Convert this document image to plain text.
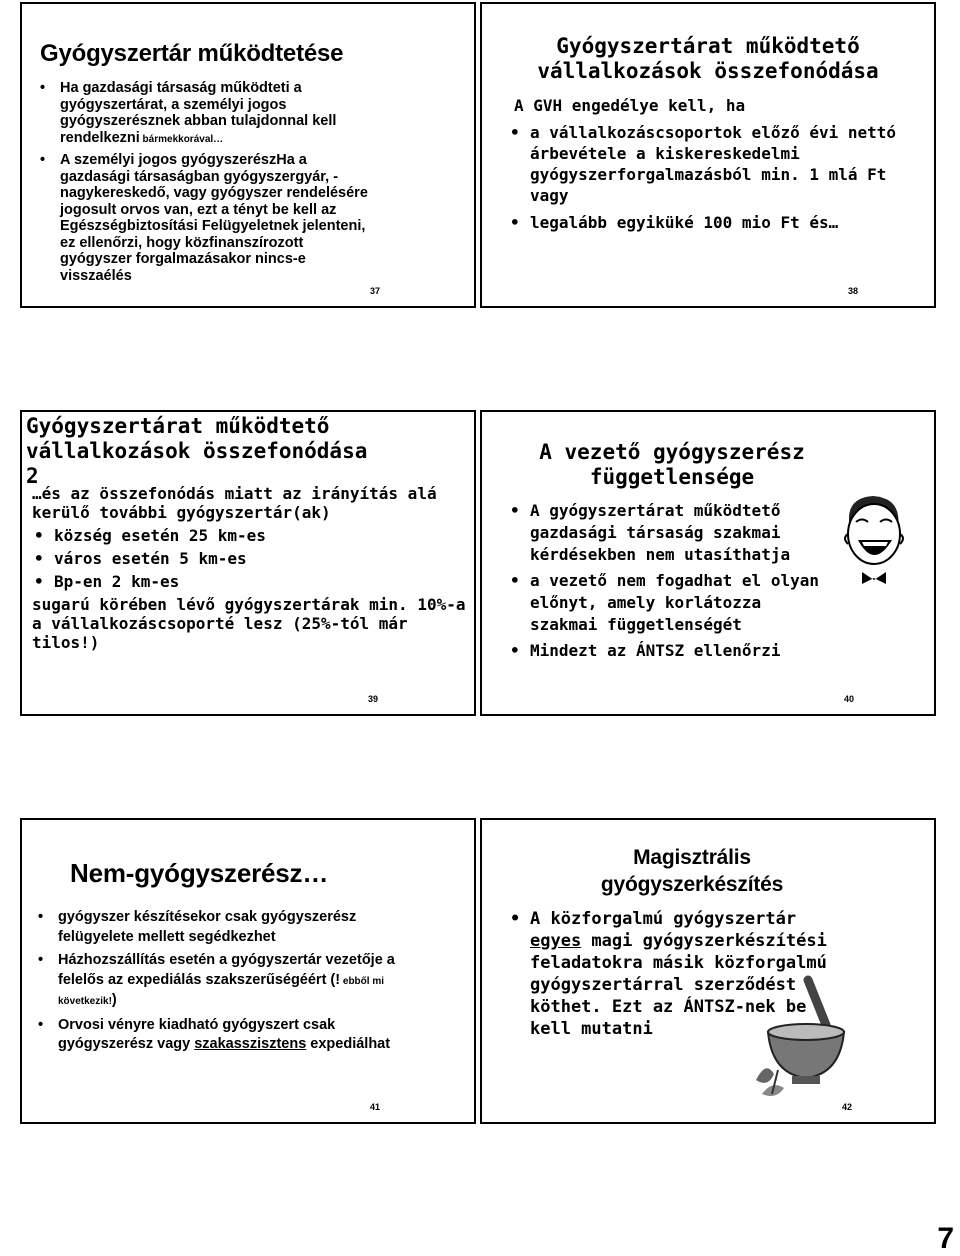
Gyógyszertár működtetése
• Ha gazdasági társaság működteti a gyógyszertárat, a személyi jogos gyógyszerésznek abban tulajdonnal kell rendelkezni bármekkorával…
• A személyi jogos gyógyszerészHa a gazdasági társaságban gyógyszergyár, -nagykereskedő, vagy gyógyszer rendelésére jogosult orvos van, ezt a tényt be kell az Egészségbiztosítási Felügyeletnek jelenteni, ez ellenőrzi, hogy közfinanszírozott gyógyszer forgalmazásakor nincs-e visszaélés
37
Gyógyszertárat működtető
vállalkozások összefonódása
A GVH engedélye kell, ha
• a vállalkozáscsoportok előző évi nettó árbevétele a kiskereskedelmi gyógyszerforgalmazásból min. 1 mlá Ft vagy
• legalább egyiküké 100 mio Ft és…
38
Gyógyszertárat működtető
vállalkozások összefonódása 2
…és az összefonódás miatt az irányítás alá kerülő további gyógyszertár(ak)
• község esetén 25 km-es
• város esetén 5 km-es
• Bp-en 2 km-es
sugarú körében lévő gyógyszertárak min. 10%-a a vállalkozáscsoporté lesz (25%-tól már tilos!)
39
A vezető gyógyszerész
függetlensége
• A gyógyszertárat működtető gazdasági társaság szakmai kérdésekben nem utasíthatja
• a vezető nem fogadhat el olyan előnyt, amely korlátozza szakmai függetlenségét
• Mindezt az ÁNTSZ ellenőrzi
40
Nem-gyógyszerész…
• gyógyszer készítésekor csak gyógyszerész felügyelete mellett segédkezhet
• Házhozszállítás esetén a gyógyszertár vezetője a felelős az expediálás szakszerűségéért (! ebből mi következik!)
• Orvosi vényre kiadható gyógyszert csak gyógyszerész vagy szakasszisztens expediálhat
41
Magisztrális
gyógyszerkészítés
• A közforgalmú gyógyszertár egyes magi gyógyszerkészítési feladatokra másik közforgalmú gyógyszertárral szerződést köthet. Ezt az ÁNTSZ-nek be kell mutatni
42
7
